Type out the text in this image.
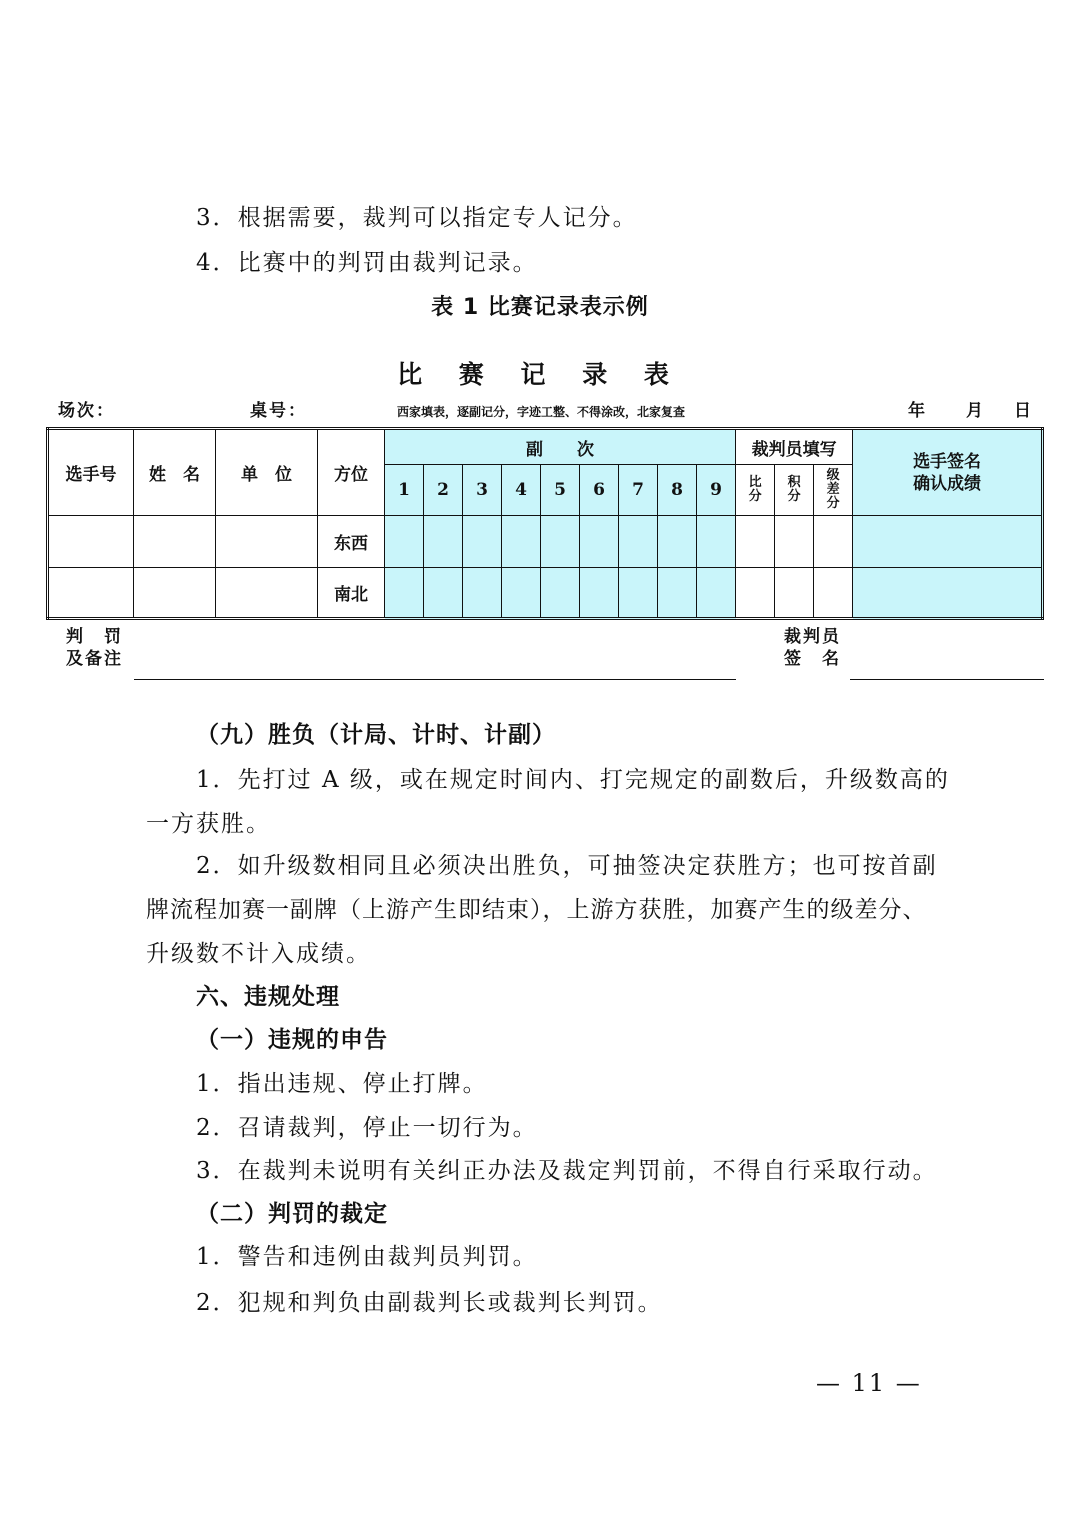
3．根据需要，裁判可以指定专人记分。
4．比赛中的判罚由裁判记录。
表 1 比赛记录表示例
比 赛 记 录 表
场次：	桌号：	西家填表，逐副记分，字迹工整、不得涂改，北家复查	年 月 日
选手号	姓　名	单　位	方位	副　　次									裁判员填写			选手签名
确认成绩

				1	2	3	4	5	6	7	8	9	比分	积分	级差分	

			东西													
			南北													
判　罚
及备注
裁判员
签　名
（九）胜负（计局、计时、计副）
1．先打过 A 级，或在规定时间内、打完规定的副数后，升级数高的
一方获胜。
2．如升级数相同且必须决出胜负，可抽签决定获胜方；也可按首副
牌流程加赛一副牌（上游产生即结束），上游方获胜，加赛产生的级差分、
升级数不计入成绩。
六、违规处理
（一）违规的申告
1．指出违规、停止打牌。
2．召请裁判，停止一切行为。
3．在裁判未说明有关纠正办法及裁定判罚前，不得自行采取行动。
（二）判罚的裁定
1．警告和违例由裁判员判罚。
2．犯规和判负由副裁判长或裁判长判罚。
— 11 —
